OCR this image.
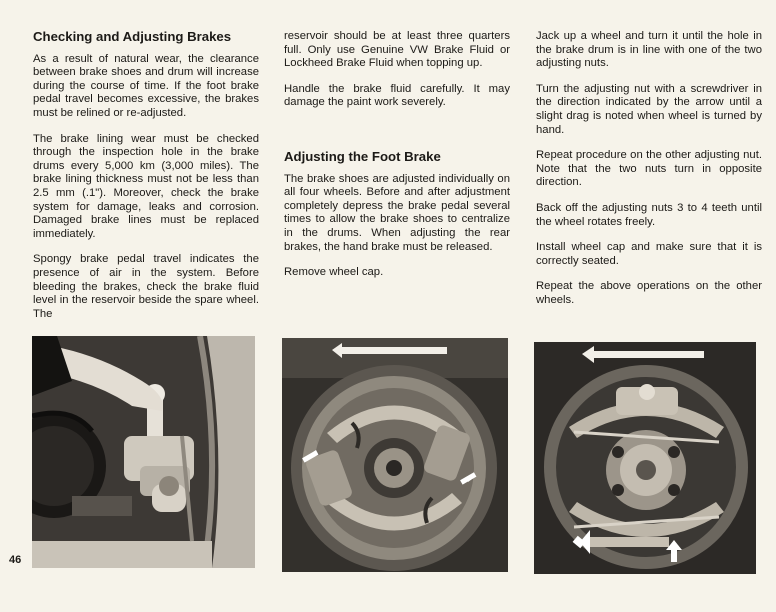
Checking and Adjusting Brakes

As a result of natural wear, the clearance between brake shoes and drum will increase during the course of time. If the foot brake pedal travel becomes excessive, the brakes must be relined or re-adjusted.

The brake lining wear must be checked through the inspection hole in the brake drums every 5,000 km (3,000 miles). The brake lining thickness must not be less than 2.5 mm (.1"). Moreover, check the brake system for damage, leaks and corrosion. Damaged brake lines must be replaced immediately.

Spongy brake pedal travel indicates the presence of air in the system. Before bleeding the brakes, check the brake fluid level in the reservoir beside the spare wheel. The

reservoir should be at least three quarters full. Only use Genuine VW Brake Fluid or Lockheed Brake Fluid when topping up.

Handle the brake fluid carefully. It may damage the paint work severely.

Adjusting the Foot Brake

The brake shoes are adjusted individually on all four wheels. Before and after adjustment completely depress the brake pedal several times to allow the brake shoes to centralize in the drums. When adjusting the rear brakes, the hand brake must be released.

Remove wheel cap.

Jack up a wheel and turn it until the hole in the brake drum is in line with one of the two adjusting nuts.

Turn the adjusting nut with a screwdriver in the direction indicated by the arrow until a slight drag is noted when wheel is turned by hand.

Repeat procedure on the other adjusting nut. Note that the two nuts turn in opposite direction.

Back off the adjusting nuts 3 to 4 teeth until the wheel rotates freely.

Install wheel cap and make sure that it is correctly seated.

Repeat the above operations on the other wheels.

46
